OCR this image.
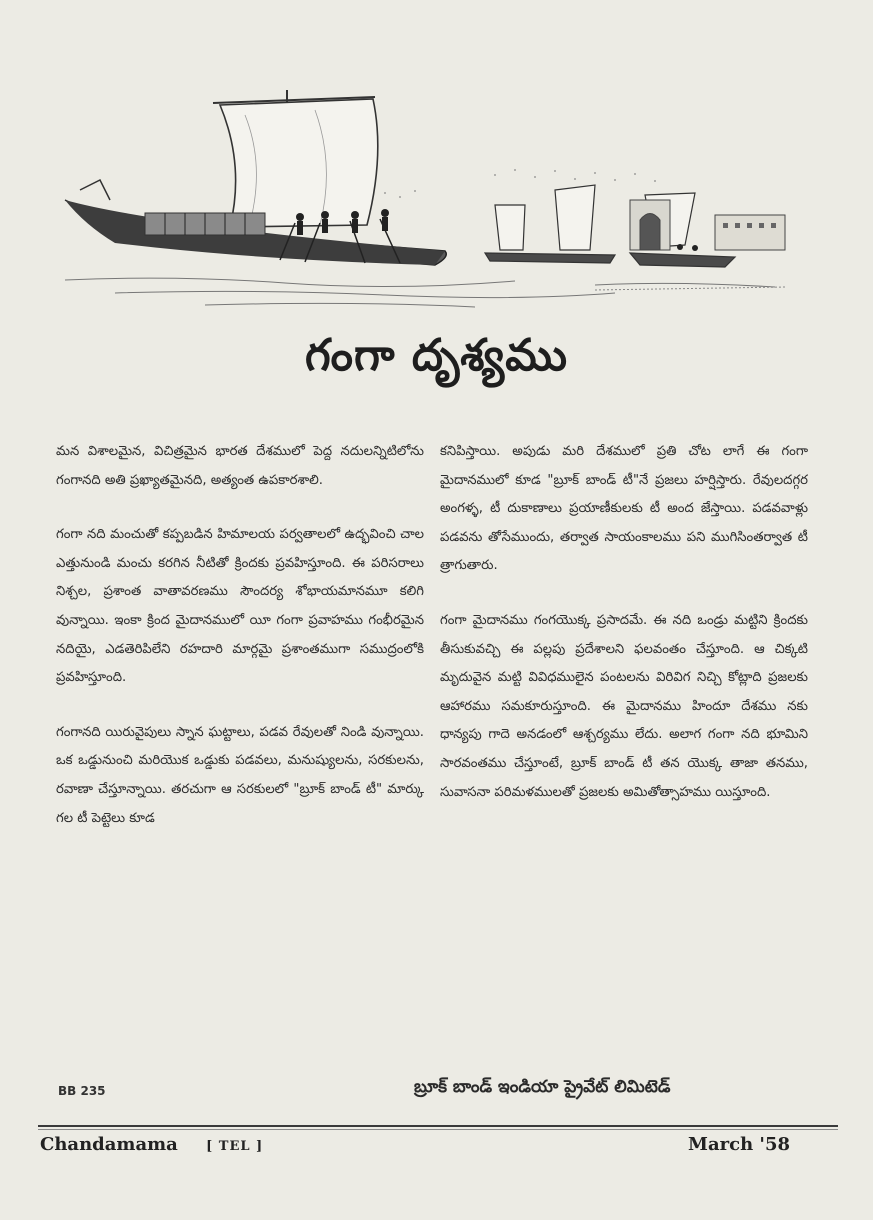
గంగా దృశ్యము

మన విశాలమైన, విచిత్రమైన భారత దేశములో పెద్ద నదులన్నిటిలోను గంగానది అతి ప్రఖ్యాతమైనది, అత్యంత ఉపకారశాలి.

గంగా నది మంచుతో కప్పబడిన హిమాలయ పర్వతాలలో ఉద్భవించి చాల ఎత్తునుండి మంచు కరగిన నీటితో క్రిందకు ప్రవహిస్తూంది. ఈ పరిసరాలు నిశ్చల, ప్రశాంత వాతావరణము సౌందర్య శోభాయమానమూ కలిగి వున్నాయి. ఇంకా క్రింద మైదానములో యీ గంగా ప్రవాహము గంభీరమైన నదియై, ఎడతెరిపిలేని రహదారి మార్గమై ప్రశాంతముగా సముద్రంలోకి ప్రవహిస్తూంది.

గంగానది యిరువైపులు స్నాన ఘట్టాలు, పడవ రేవులతో నిండి వున్నాయి. ఒక ఒడ్డునుంచి మరియొక ఒడ్డుకు పడవలు, మనుష్యులను, సరకులను, రవాణా చేస్తూన్నాయి. తరచుగా ఆ సరకులలో "బ్రూక్ బాండ్ టీ" మార్కు గల టీ పెట్టెలు కూడ

కనిపిస్తాయి. అపుడు మరి దేశములో ప్రతి చోట లాగే ఈ గంగా మైదానములో కూడ "బ్రూక్ బాండ్ టీ"నే ప్రజలు హర్షిస్తారు. రేవులదగ్గర అంగళ్ళ, టీ దుకాణాలు ప్రయాణీకులకు టీ అంద జేస్తాయి. పడవవాళ్లు పడవను తోసేముందు, తర్వాత సాయంకాలము పని ముగిసింతర్వాత టీ త్రాగుతారు.

గంగా మైదానము గంగయొక్క ప్రసాదమే. ఈ నది ఒండ్రు మట్టిని క్రిందకు తీసుకువచ్చి ఈ పల్లపు ప్రదేశాలని ఫలవంతం చేస్తూంది. ఆ చిక్కటి మృదువైన మట్టి వివిధములైన పంటలను విరివిగ నిచ్చి కోట్లాది ప్రజలకు ఆహారము సమకూరుస్తూంది. ఈ మైదానము హిందూ దేశము నకు ధాన్యపు గాదె అనడంలో ఆశ్చర్యము లేదు. అలాగ గంగా నది భూమిని సారవంతము చేస్తూంటే, బ్రూక్ బాండ్ టీ తన యొక్క తాజా తనము, సువాసనా పరిమళములతో ప్రజలకు అమితోత్సాహము యిస్తూంది.

BB 235	బ్రూక్ బాండ్ ఇండియా ప్రైవేట్ లిమిటెడ్
Chandamama [ TEL ]	March '58
